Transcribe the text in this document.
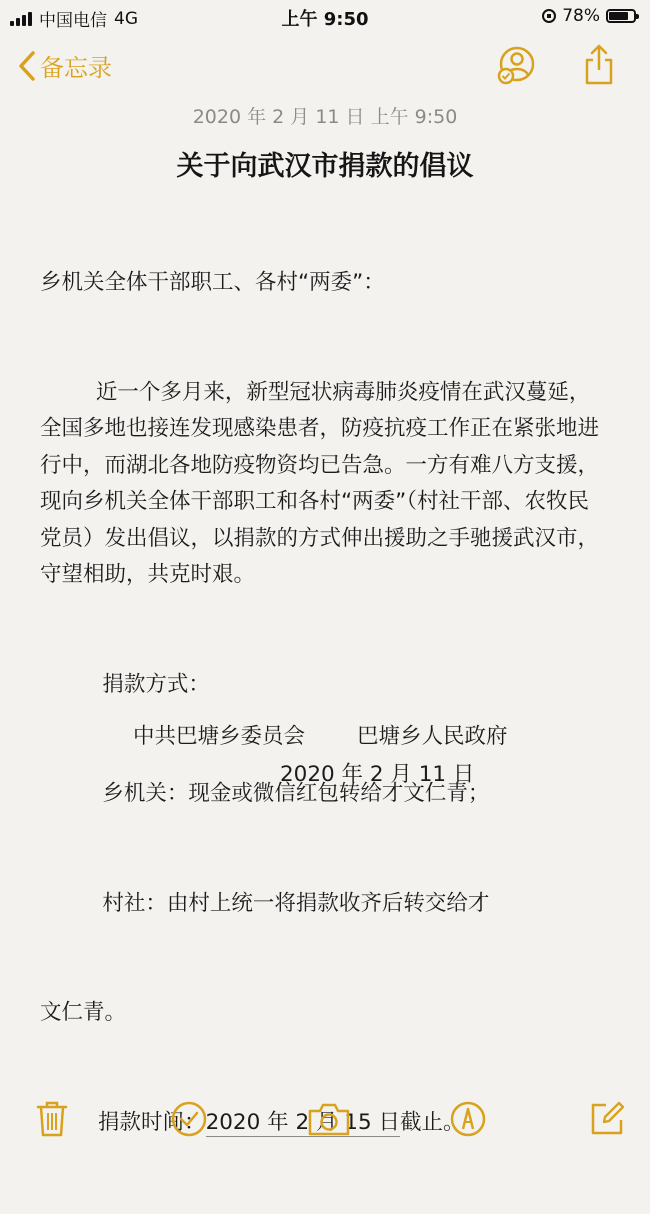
中国电信 4G	上午 9:50	78%
备忘录
2020 年 2 月 11 日 上午 9:50
关于向武汉市捐款的倡议

乡机关全体干部职工、各村“两委”：

近一个多月来，新型冠状病毒肺炎疫情在武汉蔓延，全国多地也接连发现感染患者，防疫抗疫工作正在紧张地进行中，而湖北各地防疫物资均已告急。一方有难八方支援，现向乡机关全体干部职工和各村“两委”（村社干部、农牧民党员）发出倡议，以捐款的方式伸出援助之手驰援武汉市，守望相助，共克时艰。

捐款方式：

乡机关：现金或微信红包转给才文仁青；

村社：由村上统一将捐款收齐后转交给才

文仁青。

捐款时间：2020 年 2 月 15 日截止。

中共巴塘乡委员会 巴塘乡人民政府
2020 年 2 月 11 日
